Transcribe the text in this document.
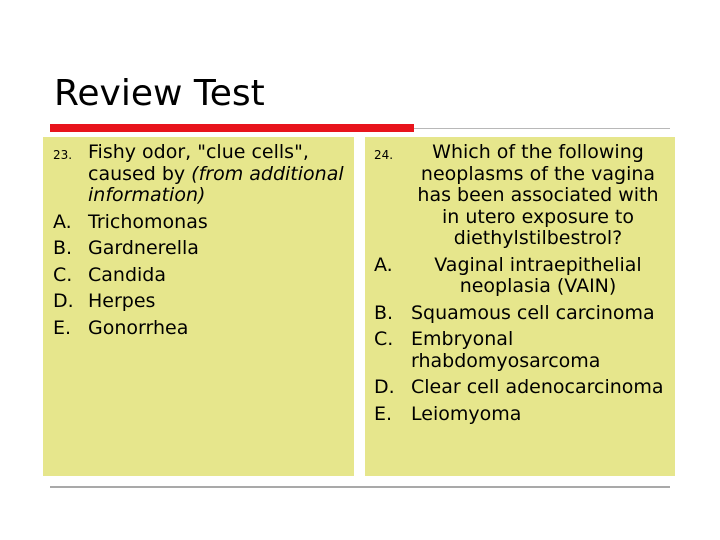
Review Test
23. Fishy odor, "clue cells", caused by (from additional information)
A. Trichomonas
B. Gardnerella
C. Candida
D. Herpes
E. Gonorrhea
24.	Which of the following neoplasms of the vagina has been associated with in utero exposure to diethylstilbestrol?
A.	Vaginal intraepithelial neoplasia (VAIN)
B. Squamous cell carcinoma
C. Embryonal rhabdomyosarcoma
D. Clear cell adenocarcinoma
E. Leiomyoma
